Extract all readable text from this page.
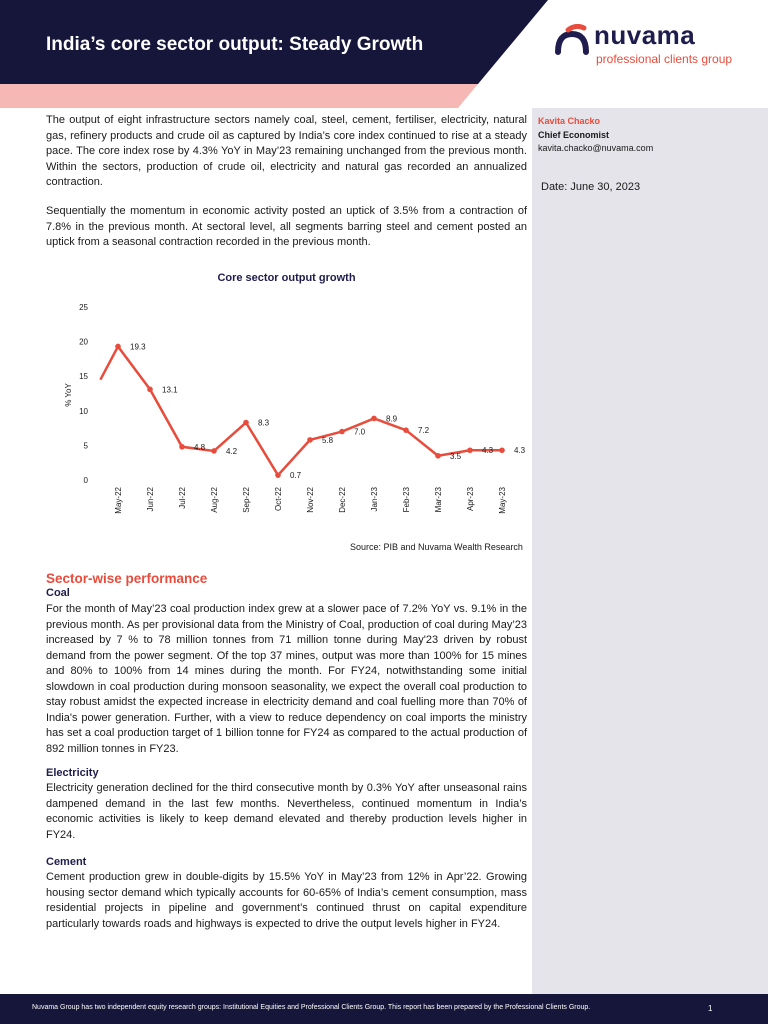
India’s core sector output: Steady Growth	nuvama
professional clients group
Kavita Chacko
Chief Economist
kavita.chacko@nuvama.com
Date: June 30, 2023

The output of eight infrastructure sectors namely coal, steel, cement, fertiliser, electricity, natural gas, refinery products and crude oil as captured by India’s core index continued to rise at a steady pace. The core index rose by 4.3% YoY in May’23 remaining unchanged from the previous month. Within the sectors, production of crude oil, electricity and natural gas recorded an annualized contraction.

Sequentially the momentum in economic activity posted an uptick of 3.5% from a contraction of 7.8% in the previous month. At sectoral level, all segments barring steel and cement posted an uptick from a seasonal contraction recorded in the previous month.

Core sector output growth
% YoY
0
5
10
15
20
25
May-22	Jun-22	Jul-22	Aug-22	Sep-22	Oct-22	Nov-22	Dec-22	Jan-23	Feb-23	Mar-23	Apr-23	May-23
19.3
13.1
4.8	4.2
8.3
0.7
5.8
7.0
8.9
7.2
3.5
4.3	4.3
Source: PIB and Nuvama Wealth Research
Sector-wise performance
Coal

For the month of May’23 coal production index grew at a slower pace of 7.2% YoY vs. 9.1% in the previous month. As per provisional data from the Ministry of Coal, production of coal during May’23 increased by 7 % to 78 million tonnes from 71 million tonne during May'23 driven by robust demand from the power segment. Of the top 37 mines, output was more than 100% for 15 mines and 80% to 100% from 14 mines during the month. For FY24, notwithstanding some initial slowdown in coal production during monsoon seasonality, we expect the overall coal production to stay robust amidst the expected increase in electricity demand and coal fuelling more than 70% of India's power generation. Further, with a view to reduce dependency on coal imports the ministry has set a coal production target of 1 billion tonne for FY24 as compared to the actual production of 892 million tonnes in FY23.

Electricity

Electricity generation declined for the third consecutive month by 0.3% YoY after unseasonal rains dampened demand in the last few months. Nevertheless, continued momentum in India’s economic activities is likely to keep demand elevated and thereby production levels higher in FY24.

Cement

Cement production grew in double-digits by 15.5% YoY in May’23 from 12% in Apr’22. Growing housing sector demand which typically accounts for 60-65% of India’s cement consumption, mass residential projects in pipeline and government’s continued thrust on capital expenditure particularly towards roads and highways is expected to drive the output levels higher in FY24.

Nuvama Group has two independent equity research groups: Institutional Equities and Professional Clients Group. This report has been prepared by the Professional Clients Group.	1
